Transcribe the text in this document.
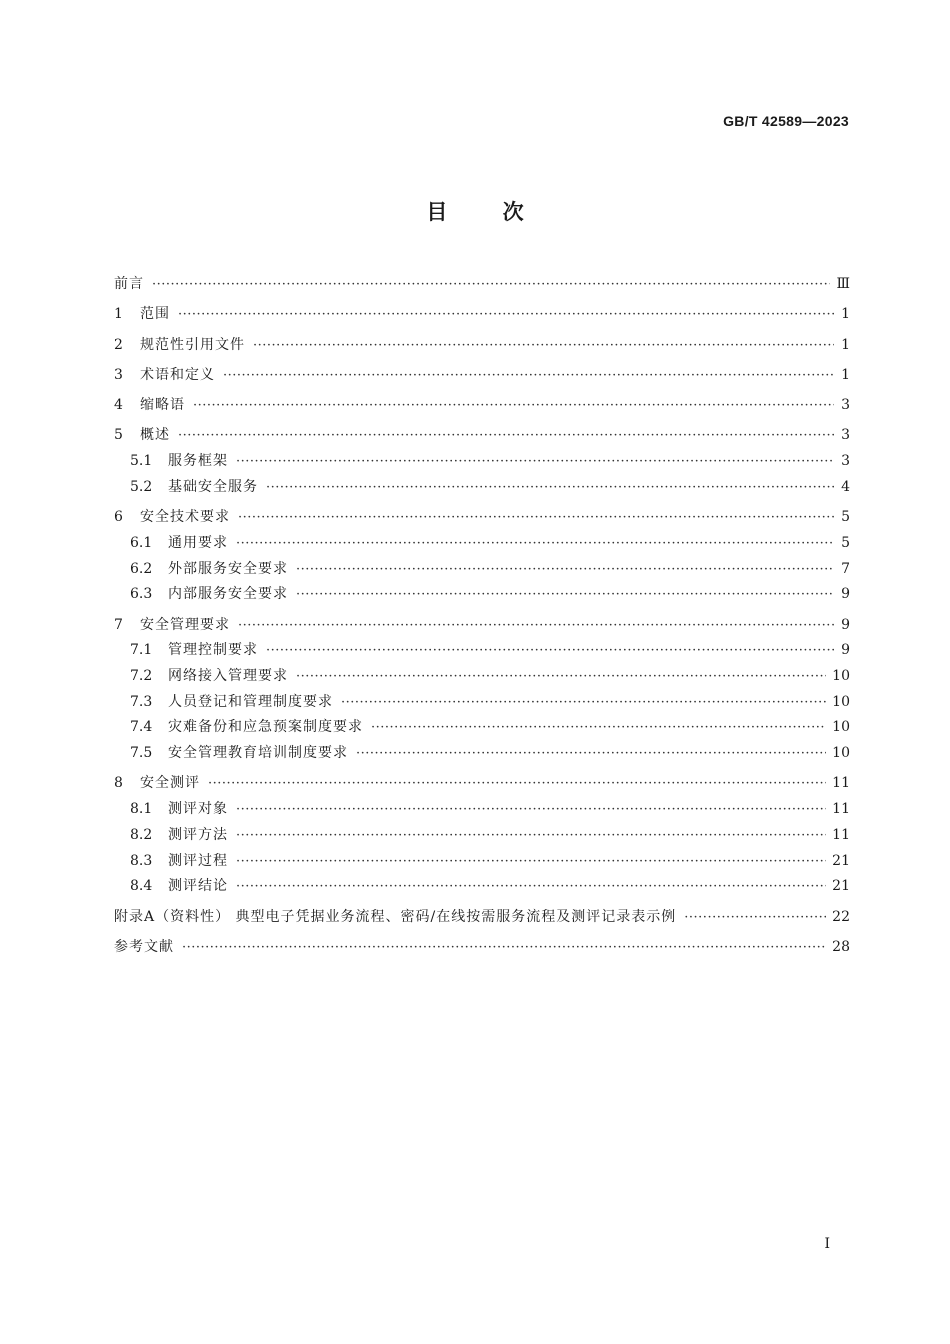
GB/T 42589—2023
目 次
前言 ·····	Ⅲ
1	范围 ·····	1
2	规范性引用文件 ·····	1
3	术语和定义 ·····	1
4	缩略语 ·····	3
5	概述 ·····	3
5.1	服务框架 ·····	3
5.2	基础安全服务 ·····	4
6	安全技术要求 ·····	5
6.1	通用要求 ·····	5
6.2	外部服务安全要求 ·····	7
6.3	内部服务安全要求 ·····	9
7	安全管理要求 ·····	9
7.1	管理控制要求 ·····	9
7.2	网络接入管理要求 ·····	10
7.3	人员登记和管理制度要求 ·····	10
7.4	灾难备份和应急预案制度要求 ·····	10
7.5	安全管理教育培训制度要求 ·····	10
8	安全测评 ·····	11
8.1	测评对象 ·····	11
8.2	测评方法 ·····	11
8.3	测评过程 ·····	21
8.4	测评结论 ·····	21
附录A（资料性） 典型电子凭据业务流程、密码/在线按需服务流程及测评记录表示例 ·····	22
参考文献 ·····	28
Ⅰ
